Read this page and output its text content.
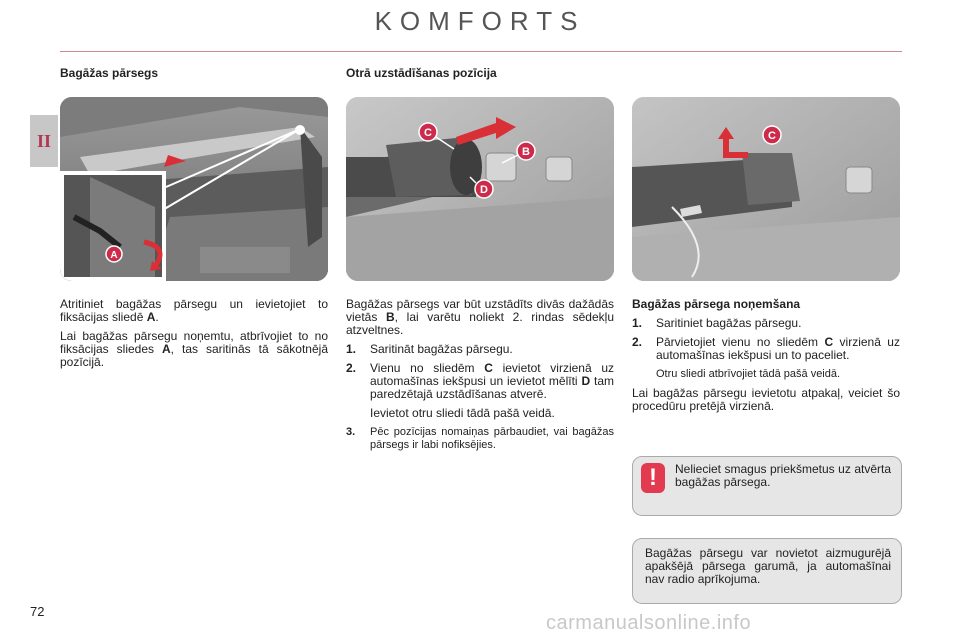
KOMFORTS
II
Bagāžas pārsegs	Otrā uzstādīšanas pozīcija
A
C
B
D
C

Atritiniet bagāžas pārsegu un ievietojiet to fiksācijas sliedē A.

Lai bagāžas pārsegu noņemtu, atbrīvojiet to no fiksācijas sliedes A, tas saritinās tā sākotnējā pozīcijā.

Bagāžas pārsegs var būt uzstādīts divās dažādās vietās B, lai varētu noliekt 2. rindas sēdekļu atzveltnes.

1.	Saritināt bagāžas pārsegu.
2.	Vienu no sliedēm C ievietot virzienā uz automašīnas iekšpusi un ievietot mēlīti D tam paredzētajā uzstādīšanas atverē.
Ievietot otru sliedi tādā pašā veidā.
3.	Pēc pozīcijas nomaiņas pārbaudiet, vai bagāžas pārsegs ir labi nofiksējies.

Bagāžas pārsega noņemšana

1.	Saritiniet bagāžas pārsegu.
2.	Pārvietojiet vienu no sliedēm C virzienā uz automašīnas iekšpusi un to paceliet.
Otru sliedi atbrīvojiet tādā pašā veidā.

Lai bagāžas pārsegu ievietotu atpakaļ, veiciet šo procedūru pretējā virzienā.

!	Nelieciet smagus priekšmetus uz atvērta bagāžas pārsega.
Bagāžas pārsegu var novietot aizmugurējā apakšējā pārsega garumā, ja automašīnai nav radio aprīkojuma.
72
carmanualsonline.info
